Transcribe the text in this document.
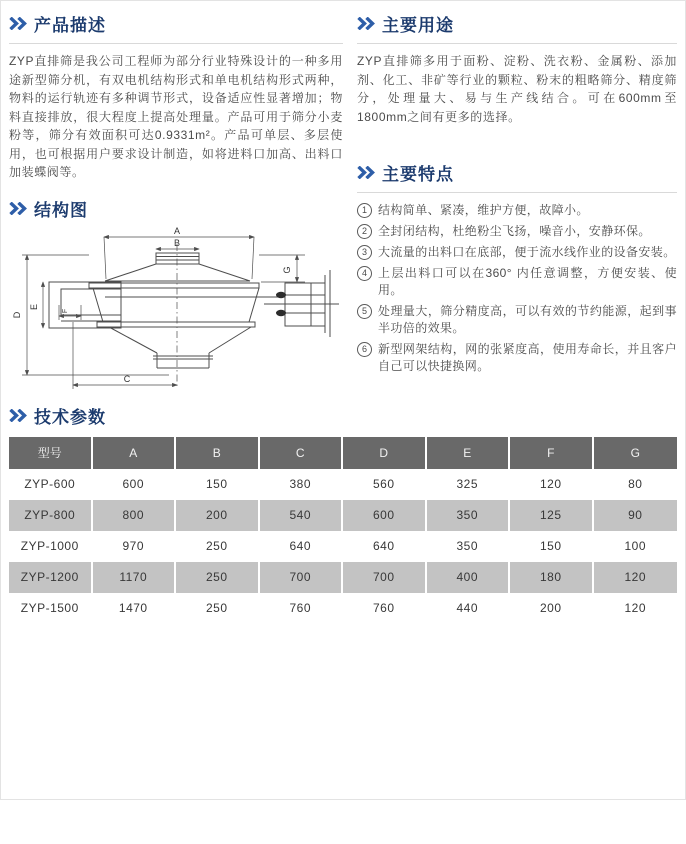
产品描述

ZYP直排筛是我公司工程师为部分行业特殊设计的一种多用途新型筛分机，有双电机结构形式和单电机结构形式两种，物料的运行轨迹有多种调节形式，设备适应性显著增加；物料直接排放，很大程度上提高处理量。产品可用于筛分小麦粉等，筛分有效面积可达0.9331m²。产品可单层、多层使用，也可根据用户要求设计制造，如将进料口加高、出料口加装蝶阀等。

结构图
A
B
C
D
E
F
G
主要用途

ZYP直排筛多用于面粉、淀粉、洗衣粉、金属粉、添加剂、化工、非矿等行业的颗粒、粉末的粗略筛分、精度筛分，处理量大、易与生产线结合。可在600mm至1800mm之间有更多的选择。

主要特点
1 结构简单、紧凑，维护方便，故障小。
2 全封闭结构，杜绝粉尘飞扬，噪音小，安静环保。
3 大流量的出料口在底部，便于流水线作业的设备安装。
4 上层出料口可以在360° 内任意调整，方便安装、使用。
5 处理量大，筛分精度高，可以有效的节约能源，起到事半功倍的效果。
6 新型网架结构，网的张紧度高，使用寿命长，并且客户自己可以快捷换网。
技术参数
型号	A	B	C	D	E	F	G
ZYP-600	600	150	380	560	325	120	80
ZYP-800	800	200	540	600	350	125	90
ZYP-1000	970	250	640	640	350	150	100
ZYP-1200	1170	250	700	700	400	180	120
ZYP-1500	1470	250	760	760	440	200	120
